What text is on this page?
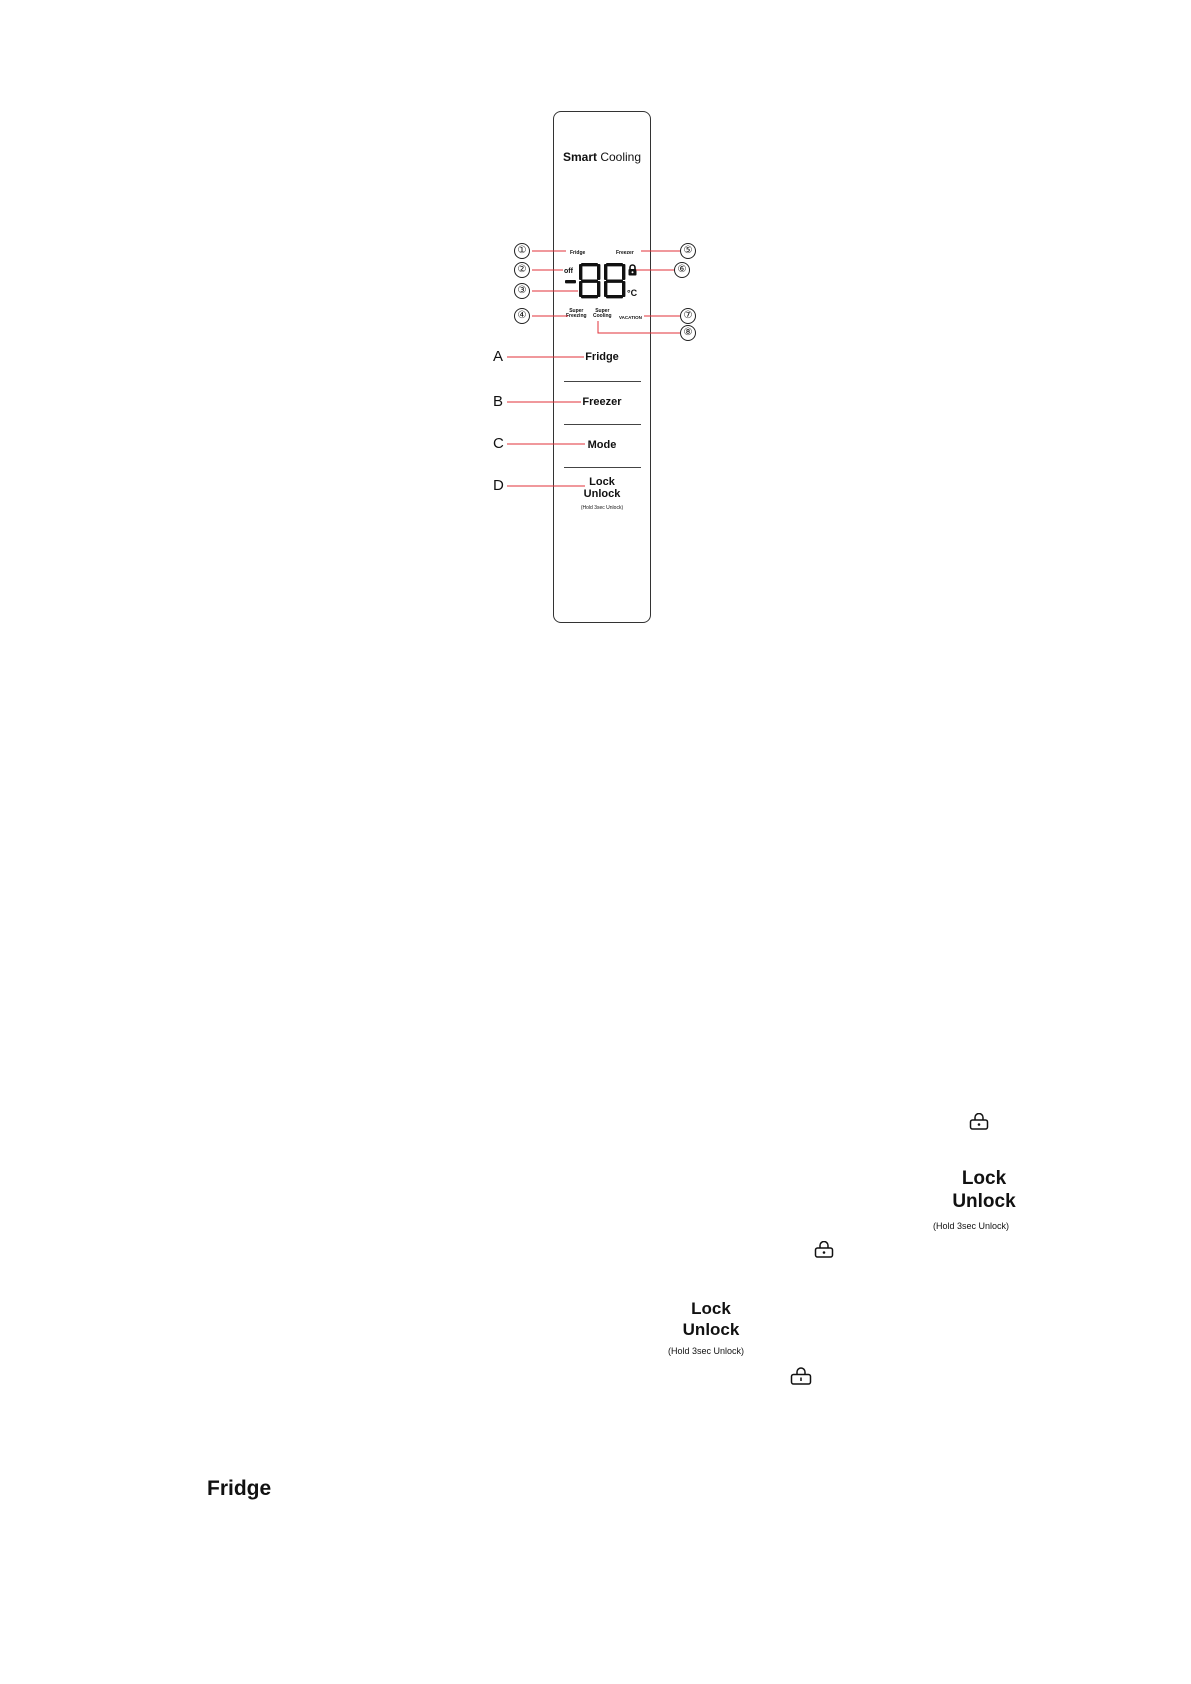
Smart Cooling
Fridge	Freezer
off
°C
Super
Freezing
Super
Cooling VACATION
Fridge
Freezer
Mode
Lock
Unlock
(Hold 3sec Unlock)
①
②
③
④
⑤
⑥
⑦
⑧
A
B
C
D
Lock
Unlock
(Hold 3sec Unlock)
Lock
Unlock
(Hold 3sec Unlock)
Fridge
